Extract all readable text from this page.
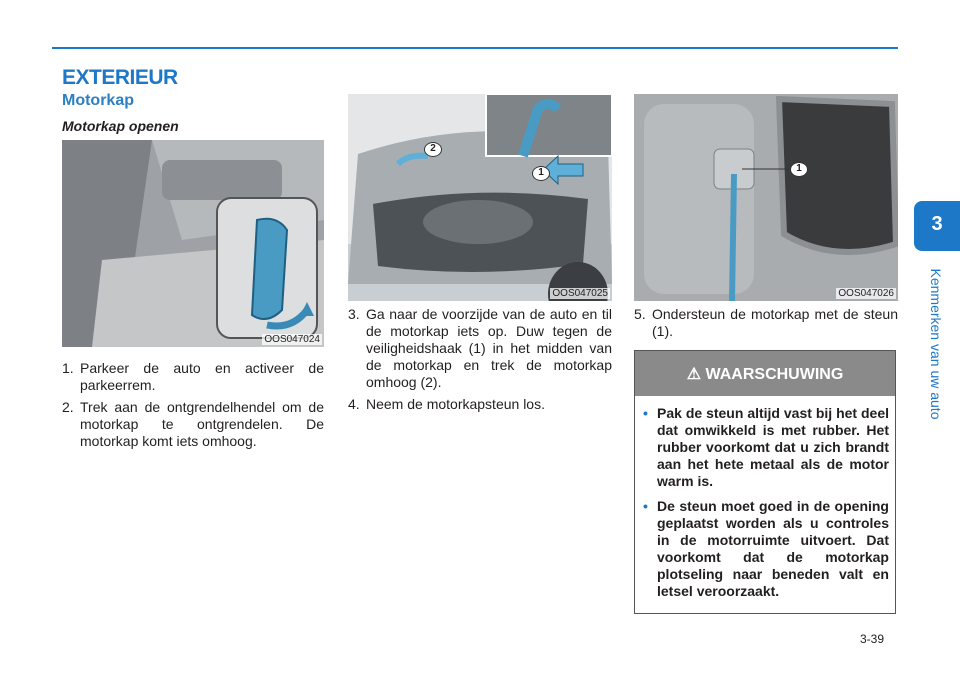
EXTERIEUR
Motorkap
Motorkap openen
OOS047024
1
2
OOS047025
1
OOS047026
1. Parkeer de auto en activeer de parkeerrem.
2. Trek aan de ontgrendelhendel om de motorkap te ontgrendelen. De motorkap komt iets omhoog.
3. Ga naar de voorzijde van de auto en til de motorkap iets op. Duw tegen de veiligheidshaak (1) in het midden van de motorkap en trek de motorkap omhoog (2).
4. Neem de motorkapsteun los.
5. Ondersteun de motorkap met de steun (1).
⚠ WAARSCHUWING
• Pak de steun altijd vast bij het deel dat omwikkeld is met rubber. Het rubber voorkomt dat u zich brandt aan het hete metaal als de motor warm is.
• De steun moet goed in de opening geplaatst worden als u controles in de motorruimte uitvoert. Dat voorkomt dat de motorkap plotseling naar beneden valt en letsel veroorzaakt.
3
Kenmerken van uw auto
3-39
